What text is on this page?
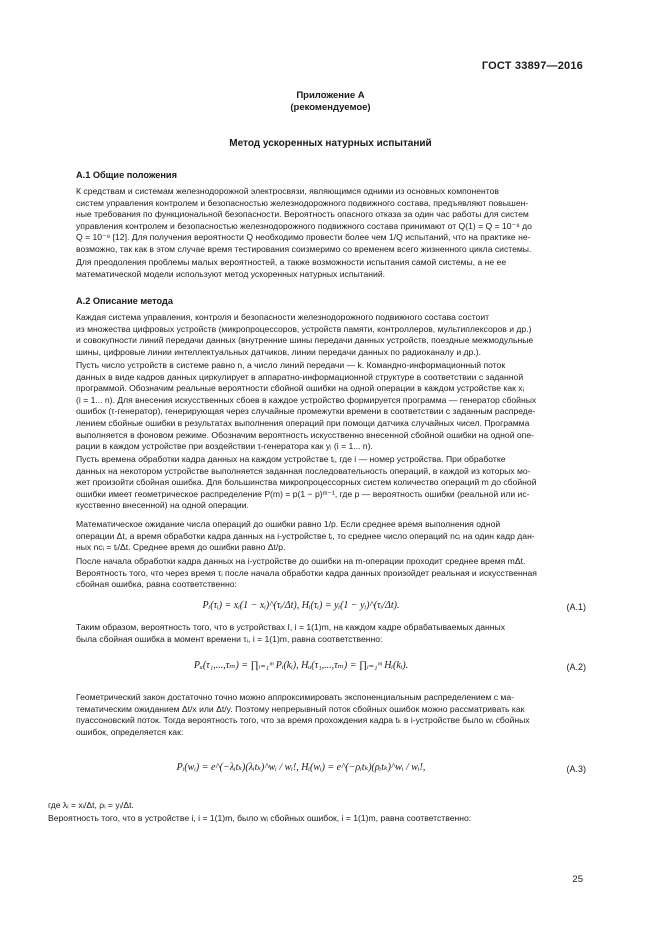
ГОСТ 33897—2016
Приложение А
(рекомендуемое)
Метод ускоренных натурных испытаний
А.1 Общие положения
К средствам и системам железнодорожной электросвязи, являющимся одними из основных компонентов
систем управления контролем и безопасностью железнодорожного подвижного состава, предъявляют повышен-
ные требования по функциональной безопасности. Вероятность опасного отказа за один час работы для систем
управления контролем и безопасностью железнодорожного подвижного состава принимают от Q(1) = Q = 10⁻⁸ до
Q = 10⁻⁹ [12]. Для получения вероятности Q необходимо провести более чем 1/Q испытаний, что на практике не-
возможно, так как в этом случае время тестирования соизмеримо со временем всего жизненного цикла системы.
Для преодоления проблемы малых вероятностей, а также возможности испытания самой системы, а не ее
математической модели используют метод ускоренных натурных испытаний.
А.2 Описание метода
Каждая система управления, контроля и безопасности железнодорожного подвижного состава состоит
из множества цифровых устройств (микропроцессоров, устройств памяти, контроллеров, мультиплексоров и др.)
и совокупности линий передачи данных (внутренние шины передачи данных устройств, поездные межмодульные
шины, цифровые линии интеллектуальных датчиков, линии передачи данных по радиоканалу и др.).
Пусть число устройств в системе равно n, а число линий передачи — k. Командно-информационный поток
данных в виде кадров данных циркулирует в аппаратно-информационной структуре в соответствии с заданной
программой. Обозначим реальные вероятности сбойной ошибки на одной операции в каждом устройстве как xᵢ
(i = 1... n). Для внесения искусственных сбоев в каждое устройство формируется программа — генератор сбойных
ошибок (τ-генератор), генерирующая через случайные промежутки времени в соответствии с заданным распреде-
лением сбойные ошибки в результатах выполнения операций при помощи датчика случайных чисел. Программа
выполняется в фоновом режиме. Обозначим вероятность искусственно внесенной сбойной ошибки на одной опе-
рации в каждом устройстве при воздействии τ-генератора как yᵢ (i = 1... n).
Пусть времена обработки кадра данных на каждом устройстве tᵢ, где i — номер устройства. При обработке
данных на некотором устройстве выполняется заданная последовательность операций, в каждой из которых мо-
жет произойти сбойная ошибка. Для большинства микропроцессорных систем количество операций m до сбойной
ошибки имеет геометрическое распределение P(m) = p(1 − p)ᵐ⁻¹, где p — вероятность ошибки (реальной или ис-
кусственно внесенной) на одной операции.
Математическое ожидание числа операций до ошибки равно 1/p. Если среднее время выполнения одной
операции Δt, а время обработки кадра данных на i-устройстве tᵢ, то среднее число операций nсᵢ на один кадр дан-
ных nсᵢ = tᵢ/Δt. Среднее время до ошибки равно Δt/p.
После начала обработки кадра данных на i-устройстве до ошибки на m-операции проходит среднее время mΔt.
Вероятность того, что через время τᵢ после начала обработки кадра данных произойдет реальная и искусственная
сбойная ошибка, равна соответственно:
Pᵢ(τᵢ) = xᵢ(1 − xᵢ)^(τᵢ/Δt), Hᵢ(τᵢ) = yᵢ(1 − yᵢ)^(τᵢ/Δt).	(А.1)
Таким образом, вероятность того, что в устройствах I, i = 1(1)m, на каждом кадре обрабатываемых данных
была сбойная ошибка в момент времени τᵢ, i = 1(1)m, равна соответственно:
Pᵤ(τ₁,...,τₘ) = ∏ᵢ₌₁ᵐ Pᵢ(kᵢ), Hᵤ(τ₁,...,τₘ) = ∏ᵢ₌₁ᵐ Hᵢ(kᵢ).	(А.2)
Геометрический закон достаточно точно можно аппроксимировать экспоненциальным распределением с ма-
тематическим ожиданием Δt/x или Δt/y. Поэтому непрерывный поток сбойных ошибок можно рассматривать как
пуассоновский поток. Тогда вероятность того, что за время прохождения кадра tₖ в i-устройстве было wᵢ сбойных
ошибок, определяется как:
Pᵢ(wᵢ) = e^(−λᵢtₖ)(λᵢtₖ)^wᵢ / wᵢ!, Hᵢ(wᵢ) = e^(−ρᵢtₖ)(ρᵢtₖ)^wᵢ / wᵢ!,	(А.3)
где λᵢ = xᵢ/Δt, ρᵢ = yᵢ/Δt.
Вероятность того, что в устройстве i, i = 1(1)m, было wᵢ сбойных ошибок, i = 1(1)m, равна соответственно:
25
